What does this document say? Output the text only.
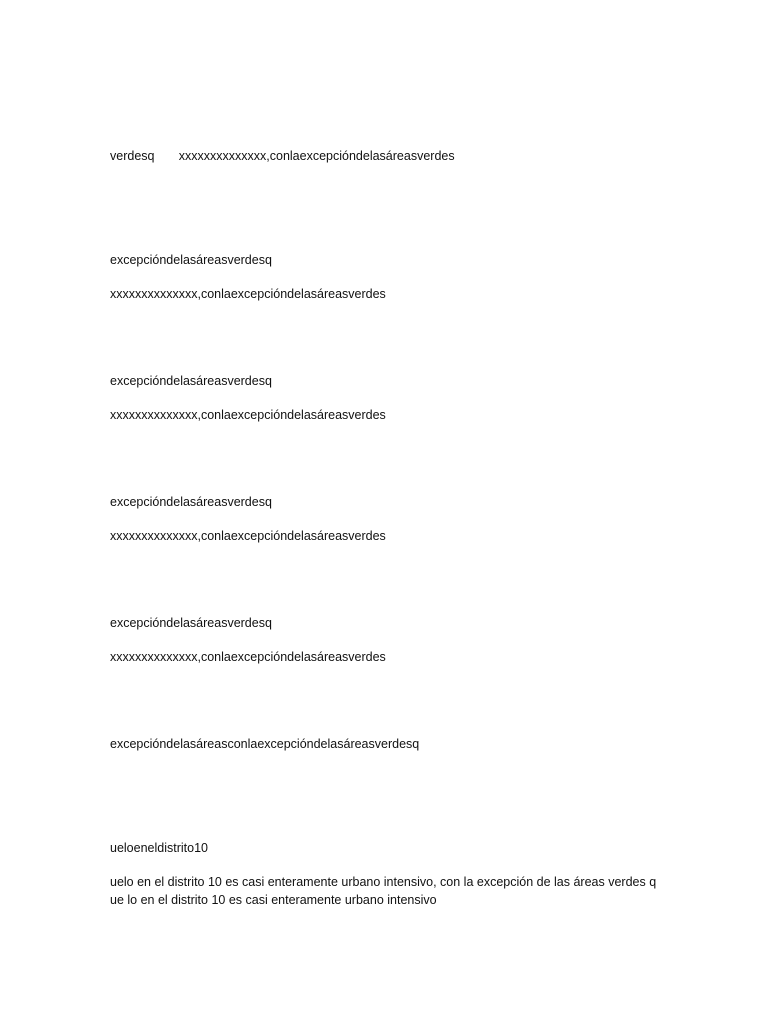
verdesq       xxxxxxxxxxxxxx,conlaexcepcióndelasáreasverdes
excepcióndelasáreasverdesq
xxxxxxxxxxxxxx,conlaexcepcióndelasáreasverdes
excepcióndelasáreasverdesq
xxxxxxxxxxxxxx,conlaexcepcióndelasáreasverdes
excepcióndelasáreasverdesq
xxxxxxxxxxxxxx,conlaexcepcióndelasáreasverdes
excepcióndelasáreasverdesq
xxxxxxxxxxxxxx,conlaexcepcióndelasáreasverdes
excepcióndelasáreasconlaexcepcióndelasáreasverdesq
ueloeneldistrito10
uelo en el distrito 10 es casi enteramente urbano intensivo, con la excepción de las áreas verdes que lo en el distrito 10 es casi enteramente urbano intensivo
